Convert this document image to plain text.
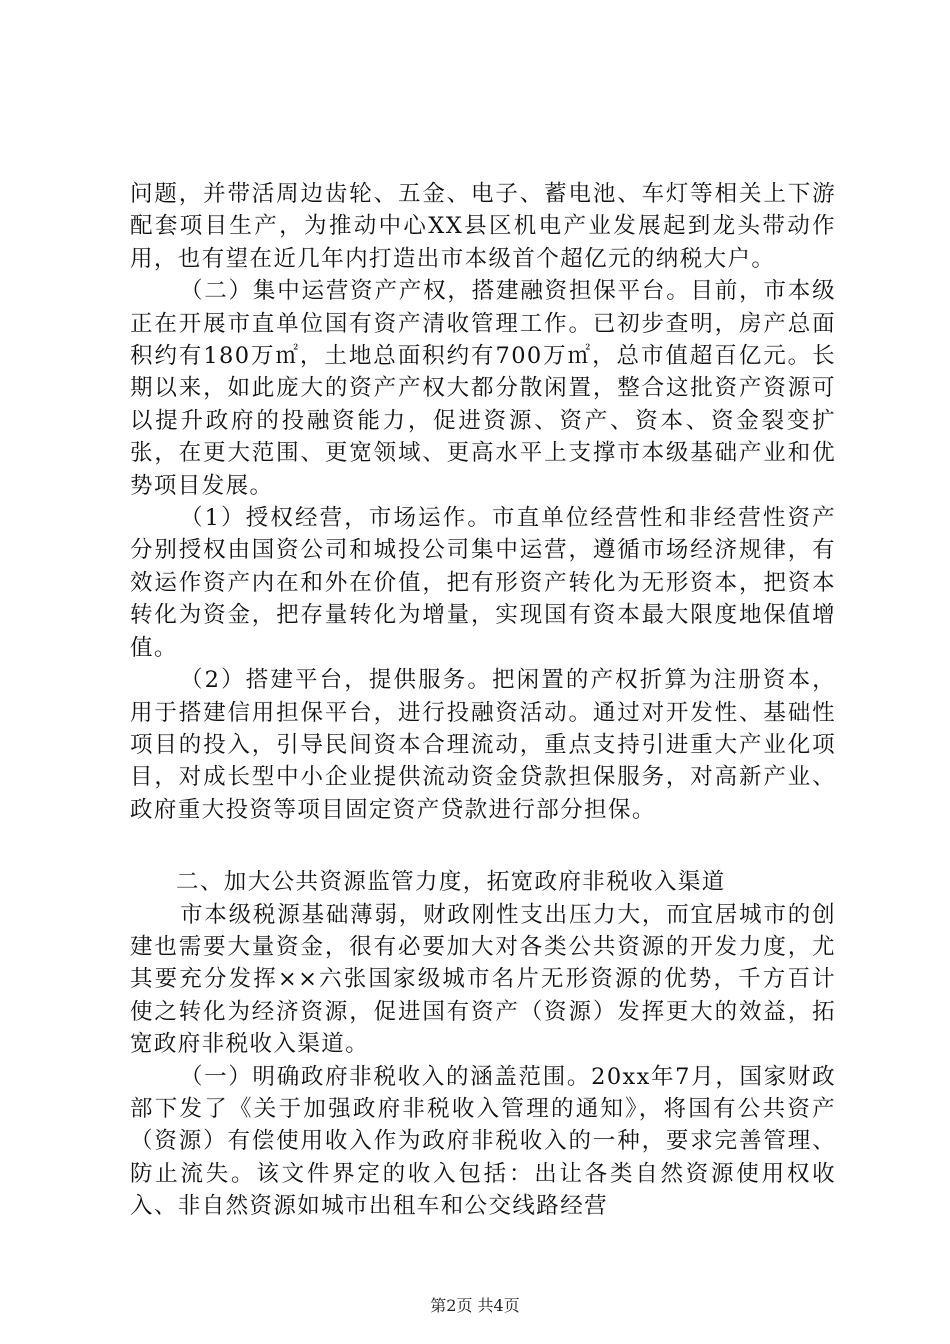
问题，并带活周边齿轮、五金、电子、蓄电池、车灯等相关上下游配套项目生产，为推动中心XX县区机电产业发展起到龙头带动作用，也有望在近几年内打造出市本级首个超亿元的纳税大户。

（二）集中运营资产产权，搭建融资担保平台。目前，市本级正在开展市直单位国有资产清收管理工作。已初步查明，房产总面积约有180万㎡，土地总面积约有700万㎡，总市值超百亿元。长期以来，如此庞大的资产产权大都分散闲置，整合这批资产资源可以提升政府的投融资能力，促进资源、资产、资本、资金裂变扩张，在更大范围、更宽领域、更高水平上支撑市本级基础产业和优势项目发展。

（1）授权经营，市场运作。市直单位经营性和非经营性资产分别授权由国资公司和城投公司集中运营，遵循市场经济规律，有效运作资产内在和外在价值，把有形资产转化为无形资本，把资本转化为资金，把存量转化为增量，实现国有资本最大限度地保值增值。

（2）搭建平台，提供服务。把闲置的产权折算为注册资本，用于搭建信用担保平台，进行投融资活动。通过对开发性、基础性项目的投入，引导民间资本合理流动，重点支持引进重大产业化项目，对成长型中小企业提供流动资金贷款担保服务，对高新产业、政府重大投资等项目固定资产贷款进行部分担保。

二、加大公共资源监管力度，拓宽政府非税收入渠道

市本级税源基础薄弱，财政刚性支出压力大，而宜居城市的创建也需要大量资金，很有必要加大对各类公共资源的开发力度，尤其要充分发挥××六张国家级城市名片无形资源的优势，千方百计使之转化为经济资源，促进国有资产（资源）发挥更大的效益，拓宽政府非税收入渠道。

（一）明确政府非税收入的涵盖范围。20xx年7月，国家财政部下发了《关于加强政府非税收入管理的通知》，将国有公共资产（资源）有偿使用收入作为政府非税收入的一种，要求完善管理、防止流失。该文件界定的收入包括：出让各类自然资源使用权收入、非自然资源如城市出租车和公交线路经营

第2页 共4页
